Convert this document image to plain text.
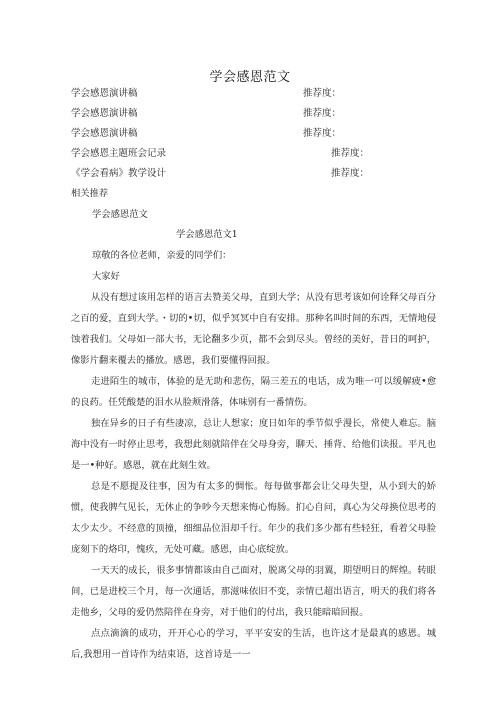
学会感恩范文
学会感恩演讲稿	推荐度：
学会感恩演讲稿	推荐度：
学会感恩演讲稿	推荐度：
学会感恩主题班会记录	推荐度：
《学会看病》教学设计	推荐度：
相关推荐
学会感恩范文
学会感恩范文1
琼敬的各位老师，亲爱的同学们：
大家好
从没有想过该用怎样的语言去赞美父母，直到大学；从没有思考该如何诠释父母百分之百的爱，直到大学。・切的•切，似乎冥冥中自有安排。那种名叫时间的东西，无情地侵蚀着我们。父母如一部大书，无论翻多少页，都不会到尽头。曾经的美好，昔日的呵护，像影片翻来覆去的播放。感恩，我们要懂得回报。
走进陌生的城市，体验的是无助和悲伤，隔三差五的电话，成为唯一可以缓解疲•愈的良药。任凭酸楚的泪水从脸颊滑落，体味别有一番情伤。
独在异乡的日子有些凄凉，总让人想家；度日如年的季节似乎漫长，常使人难忘。脑海中没有一时停止思考，我想此刻就陪伴在父母身旁，聊天、捶背、给他们读报。平凡也是一•种好。感恩，就在此刻生效。
总是不愿提及往事，因为有太多的惆怅。每每做事都会让父母失望，从小到大的娇惯，使我脾气见长，无休止的争吵今天想来悔心悔肠。扪心自问，真心为父母换位思考的太少太少。不经意的顶撞，细细品位泪却千行。年少的我们多少都有些轻狂，看着父母脸庞刻下的烙印，愧疚，无处可藏。感恩，由心底绽放。
一天天的成长，很多事情都该由自己面对，脱离父母的羽翼，期望明日的辉煌。转眼间，已是进校三个月，每一次通话，那滋味依旧不变，亲情已超出语言，明天的我们将各走他乡，父母的爱仍然陪伴在身旁，对于他们的付出，我只能暗暗回报。
点点滴滴的成功，开开心心的学习，平平安安的生活，也许这才是最真的感恩。城后,我想用一首诗作为结束语，这首诗是一一
